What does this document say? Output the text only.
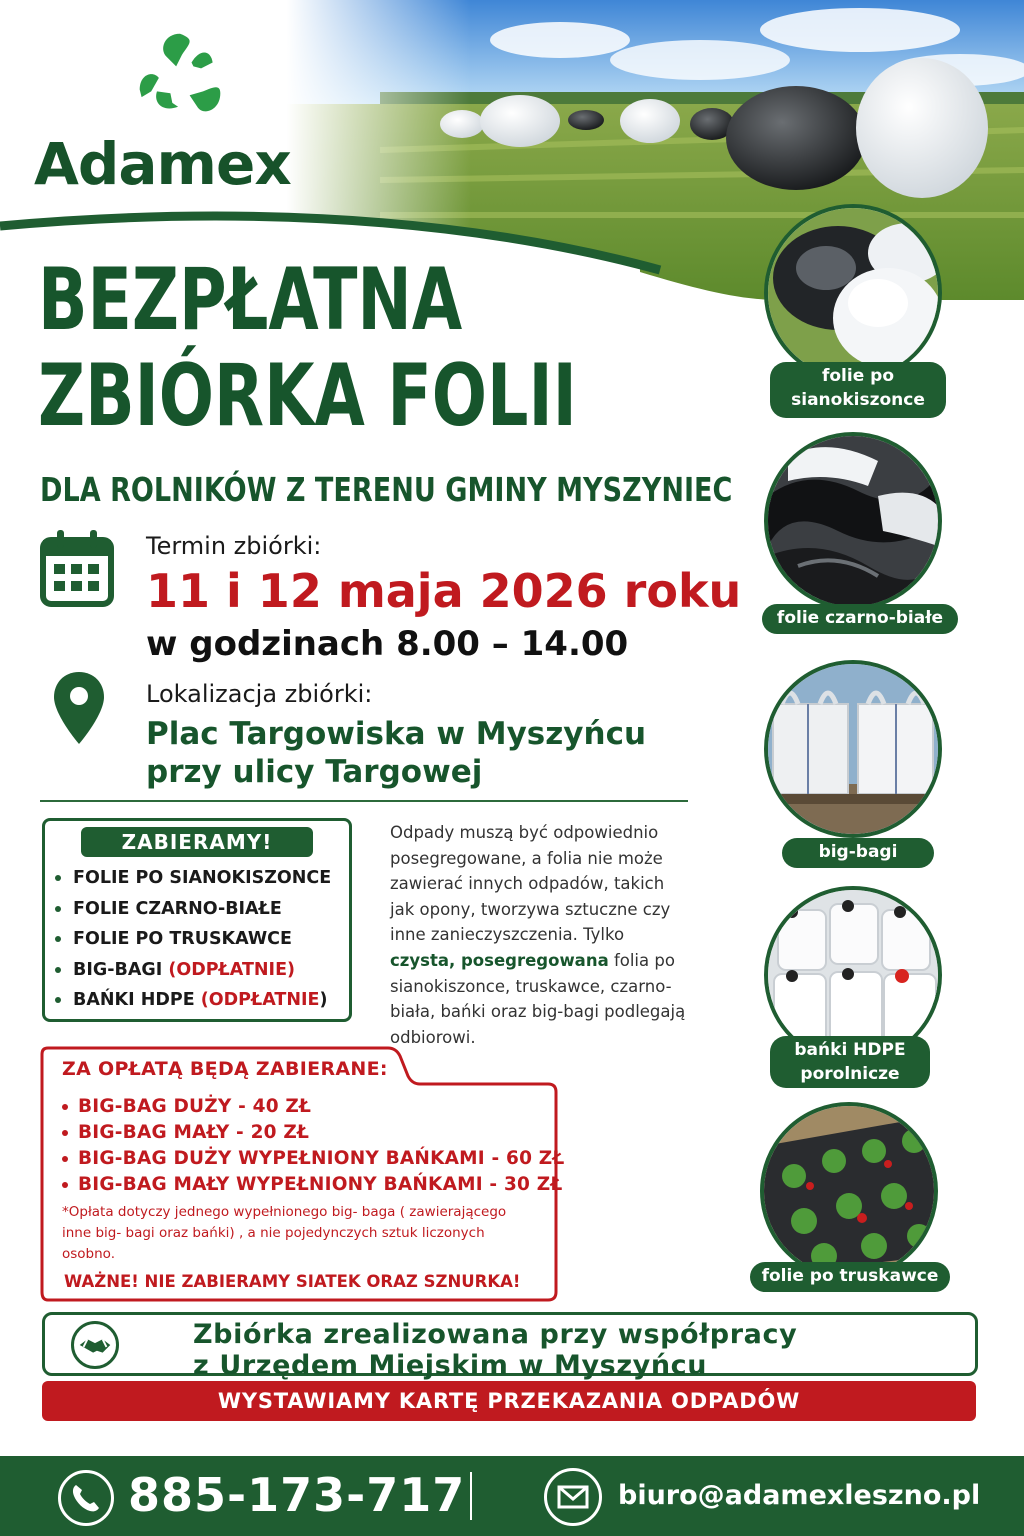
Adamex
BEZPŁATNA
ZBIÓRKA FOLII
DLA ROLNIKÓW Z TERENU GMINY MYSZYNIEC
Termin zbiórki:
11 i 12 maja 2026 roku
w godzinach 8.00 – 14.00
Lokalizacja zbiórki:
Plac Targowiska w Myszyńcu
przy ulicy Targowej
ZABIERAMY!
FOLIE PO SIANOKISZONCE
FOLIE CZARNO-BIAŁE
FOLIE PO TRUSKAWCE
BIG-BAGI (ODPŁATNIE)
BAŃKI HDPE (ODPŁATNIE)
Odpady muszą być odpowiednio posegregowane, a folia nie może zawierać innych odpadów, takich jak opony, tworzywa sztuczne czy inne zanieczyszczenia. Tylko czysta, posegregowana folia po sianokiszonce, truskawce, czarno-biała, bańki oraz big-bagi podlegają odbiorowi.
ZA OPŁATĄ BĘDĄ ZABIERANE:
BIG-BAG DUŻY - 40 ZŁ
BIG-BAG MAŁY - 20 ZŁ
BIG-BAG DUŻY WYPEŁNIONY BAŃKAMI - 60 ZŁ
BIG-BAG MAŁY WYPEŁNIONY BAŃKAMI - 30 ZŁ
*Opłata dotyczy jednego wypełnionego big- baga ( zawierającego inne big- bagi oraz bańki) , a nie pojedynczych sztuk liczonych osobno.
WAŻNE! NIE ZABIERAMY SIATEK ORAZ SZNURKA!
folie po sianokiszonce
folie czarno-białe
big-bagi
bańki HDPE porolnicze
folie po truskawce
Zbiórka zrealizowana przy współpracy
z Urzędem Miejskim w Myszyńcu
WYSTAWIAMY KARTĘ PRZEKAZANIA ODPADÓW
885-173-717	biuro@adamexleszno.pl
